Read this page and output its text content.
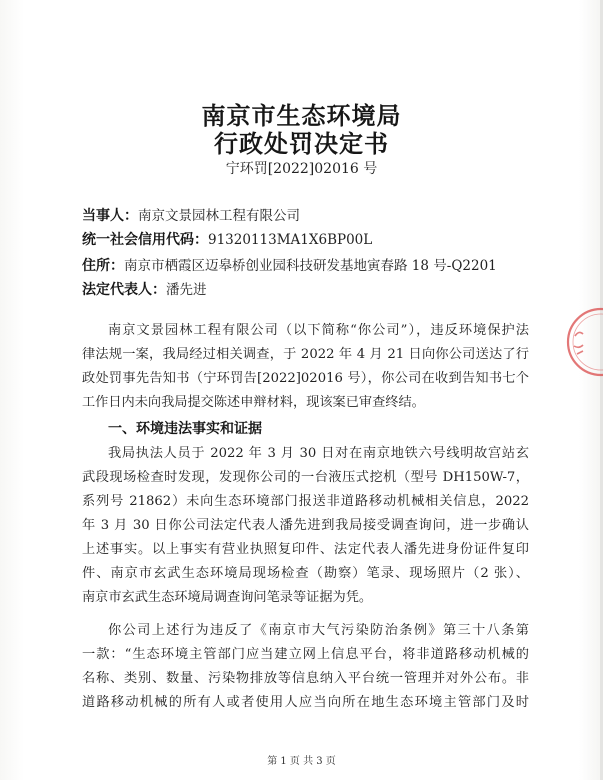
南京市生态环境局
行政处罚决定书
宁环罚[2022]02016 号
当事人：南京文景园林工程有限公司
统一社会信用代码：91320113MA1X6BP00L
住所：南京市栖霞区迈皋桥创业园科技研发基地寅春路 18 号-Q2201
法定代表人：潘先进
南京文景园林工程有限公司（以下简称“你公司”），违反环境保护法
律法规一案，我局经过相关调查，于 2022 年 4 月 21 日向你公司送达了行
政处罚事先告知书（宁环罚告[2022]02016 号），你公司在收到告知书七个
工作日内未向我局提交陈述申辩材料，现该案已审查终结。
一、环境违法事实和证据
我局执法人员于 2022 年 3 月 30 日对在南京地铁六号线明故宫站玄
武段现场检查时发现，发现你公司的一台液压式挖机（型号 DH150W-7，
系列号 21862）未向生态环境部门报送非道路移动机械相关信息，2022
年 3 月 30 日你公司法定代表人潘先进到我局接受调查询问，进一步确认
上述事实。以上事实有营业执照复印件、法定代表人潘先进身份证件复印
件、南京市玄武生态环境局现场检查（勘察）笔录、现场照片（2 张）、
南京市玄武生态环境局调查询问笔录等证据为凭。
你公司上述行为违反了《南京市大气污染防治条例》第三十八条第
一款：“生态环境主管部门应当建立网上信息平台，将非道路移动机械的
名称、类别、数量、污染物排放等信息纳入平台统一管理并对外公布。非
道路移动机械的所有人或者使用人应当向所在地生态环境主管部门及时
第 1 页 共 3 页
